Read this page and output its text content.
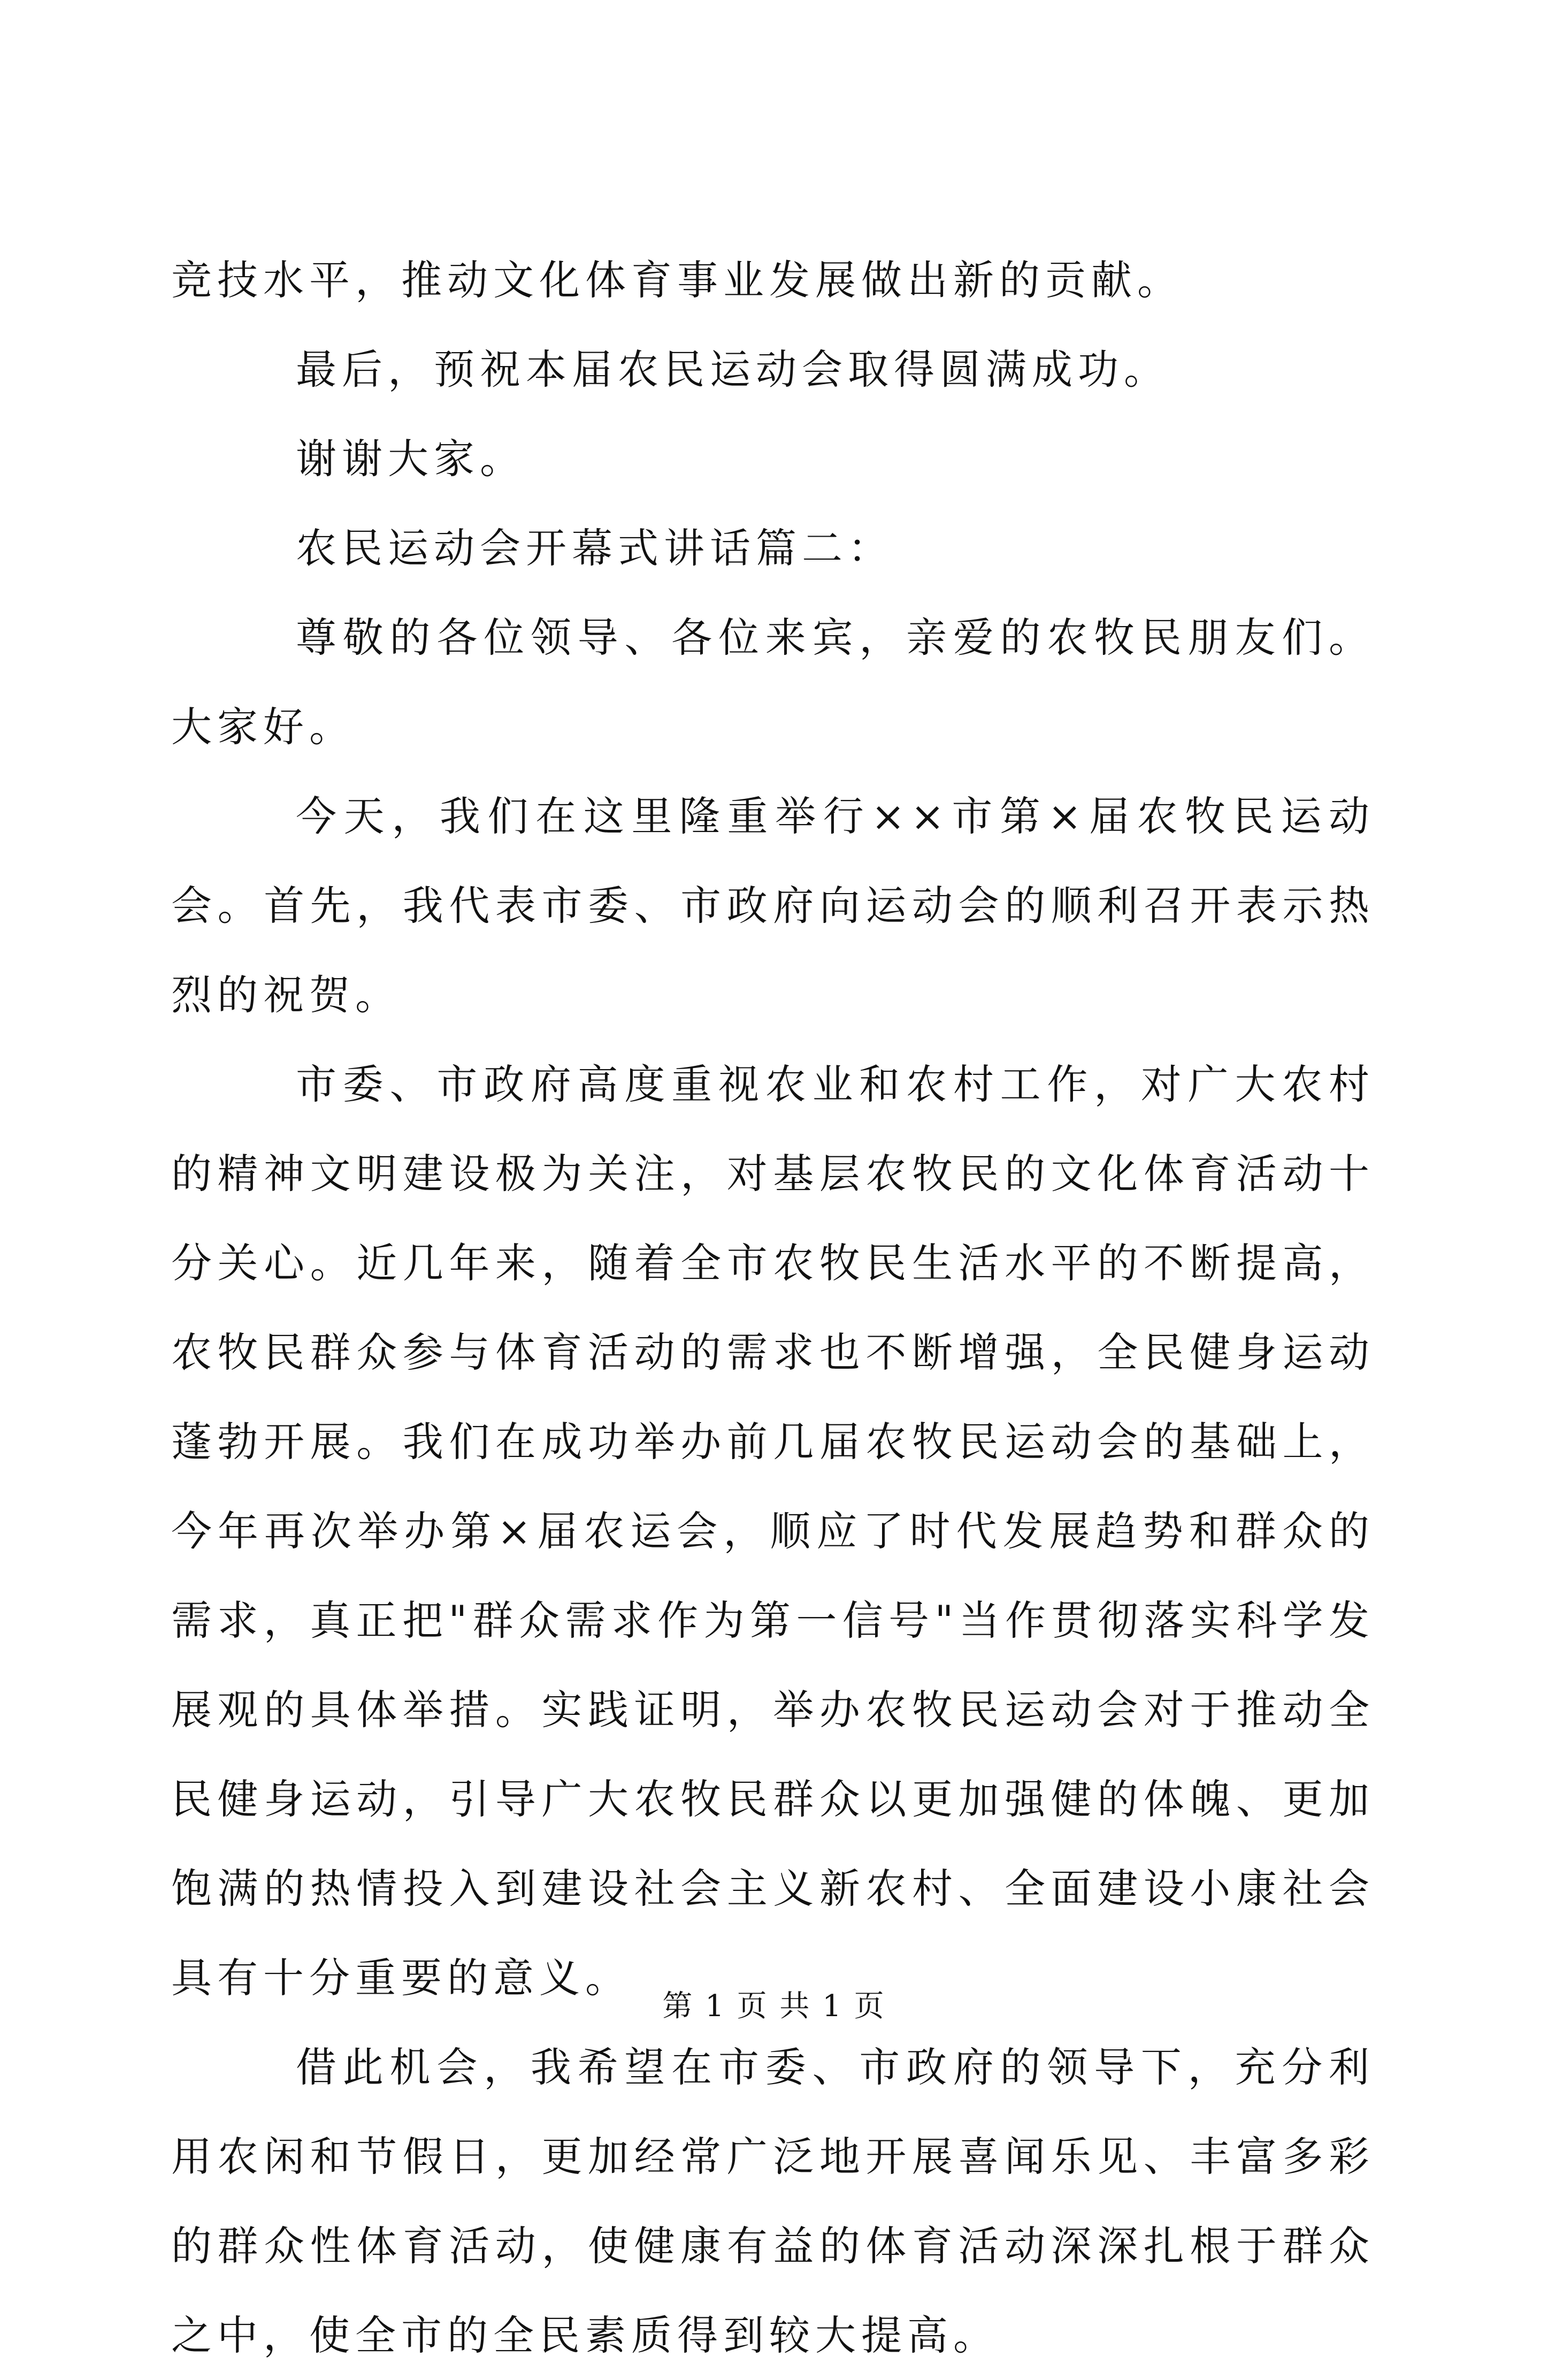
竞技水平，推动文化体育事业发展做出新的贡献。

最后，预祝本届农民运动会取得圆满成功。

谢谢大家。

农民运动会开幕式讲话篇二：

尊敬的各位领导、各位来宾，亲爱的农牧民朋友们。大家好。

今天，我们在这里隆重举行××市第×届农牧民运动会。首先，我代表市委、市政府向运动会的顺利召开表示热烈的祝贺。

市委、市政府高度重视农业和农村工作，对广大农村的精神文明建设极为关注，对基层农牧民的文化体育活动十分关心。近几年来，随着全市农牧民生活水平的不断提高，农牧民群众参与体育活动的需求也不断增强，全民健身运动蓬勃开展。我们在成功举办前几届农牧民运动会的基础上，今年再次举办第×届农运会，顺应了时代发展趋势和群众的需求，真正把"群众需求作为第一信号"当作贯彻落实科学发展观的具体举措。实践证明，举办农牧民运动会对于推动全民健身运动，引导广大农牧民群众以更加强健的体魄、更加饱满的热情投入到建设社会主义新农村、全面建设小康社会具有十分重要的意义。

借此机会，我希望在市委、市政府的领导下，充分利用农闲和节假日，更加经常广泛地开展喜闻乐见、丰富多彩的群众性体育活动，使健康有益的体育活动深深扎根于群众之中，使全市的全民素质得到较大提高。

第 1 页 共 1 页
